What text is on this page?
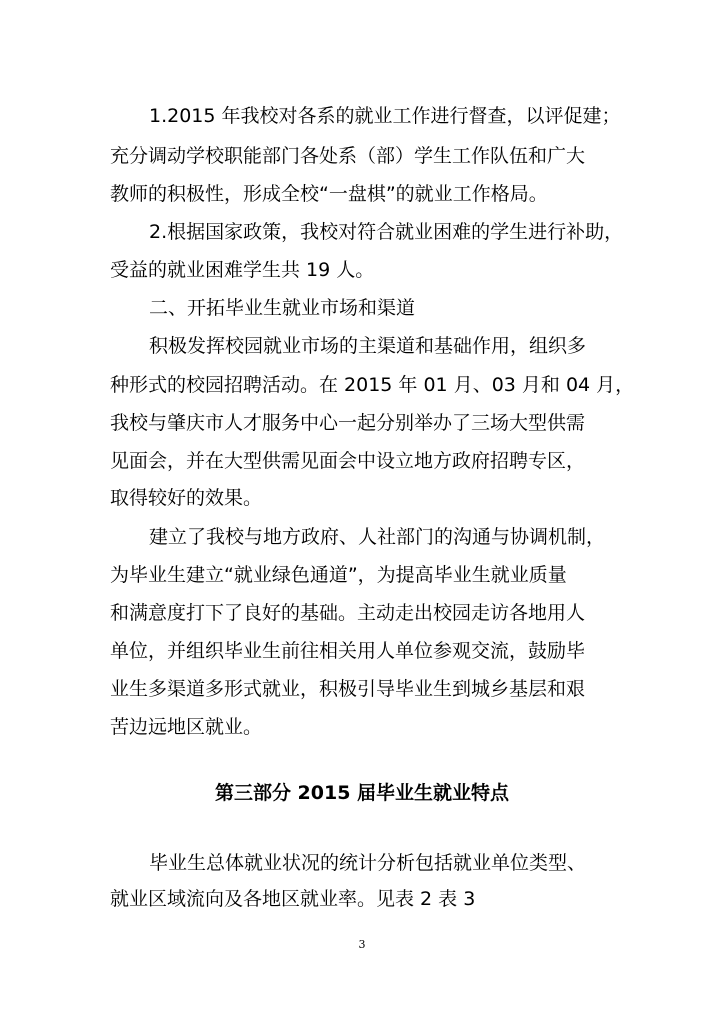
1.2015 年我校对各系的就业工作进行督查，以评促建；
充分调动学校职能部门各处系（部）学生工作队伍和广大
教师的积极性，形成全校“一盘棋”的就业工作格局。
2.根据国家政策，我校对符合就业困难的学生进行补助，
受益的就业困难学生共 19 人。
二、开拓毕业生就业市场和渠道
积极发挥校园就业市场的主渠道和基础作用，组织多
种形式的校园招聘活动。在 2015 年 01 月、03 月和 04 月，
我校与肇庆市人才服务中心一起分别举办了三场大型供需
见面会，并在大型供需见面会中设立地方政府招聘专区，
取得较好的效果。
建立了我校与地方政府、人社部门的沟通与协调机制，
为毕业生建立“就业绿色通道”，为提高毕业生就业质量
和满意度打下了良好的基础。主动走出校园走访各地用人
单位，并组织毕业生前往相关用人单位参观交流，鼓励毕
业生多渠道多形式就业，积极引导毕业生到城乡基层和艰
苦边远地区就业。
第三部分 2015 届毕业生就业特点
毕业生总体就业状况的统计分析包括就业单位类型、
就业区域流向及各地区就业率。见表 2 表 3
3
